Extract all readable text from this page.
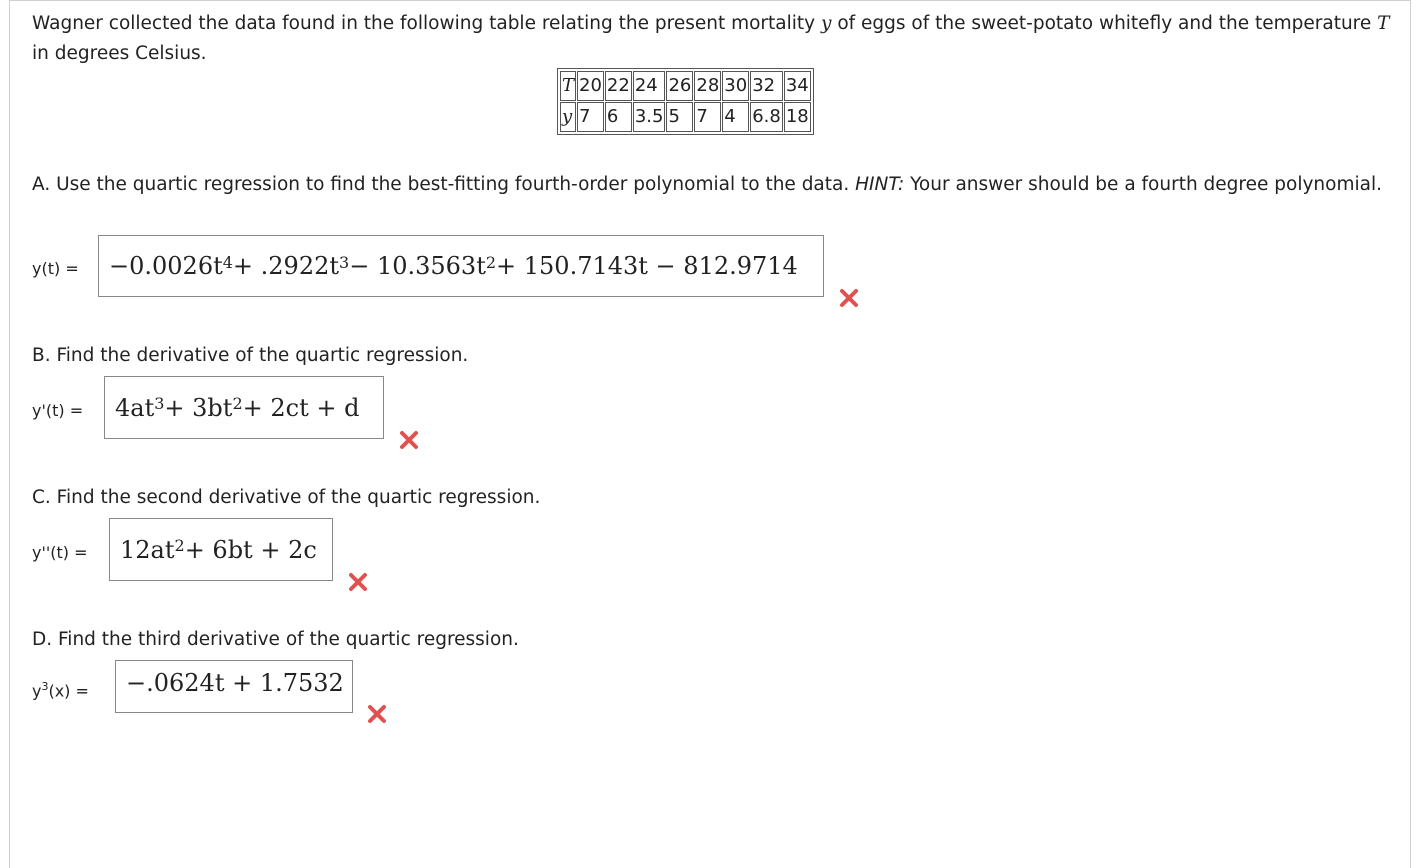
Wagner collected the data found in the following table relating the present mortality y of eggs of the sweet-potato whitefly and the temperature T in degrees Celsius.
T	20	22	24	26	28	30	32	34
y	7	6	3.5	5	7	4	6.8	18
A. Use the quartic regression to find the best-fitting fourth-order polynomial to the data. HINT: Your answer should be a fourth degree polynomial.
$y(t) = -0.0026t^4 + .2922t^3 - 10.3563t^2 + 150.7143t - 812.9714$
B. Find the derivative of the quartic regression.
$y'(t) = 4at^3 + 3bt^2 + 2ct + d$
C. Find the second derivative of the quartic regression.
$y''(t) = 12at^2 + 6bt + 2c$
D. Find the third derivative of the quartic regression.
$y^3(x) = -.0624t + 1.7532$
